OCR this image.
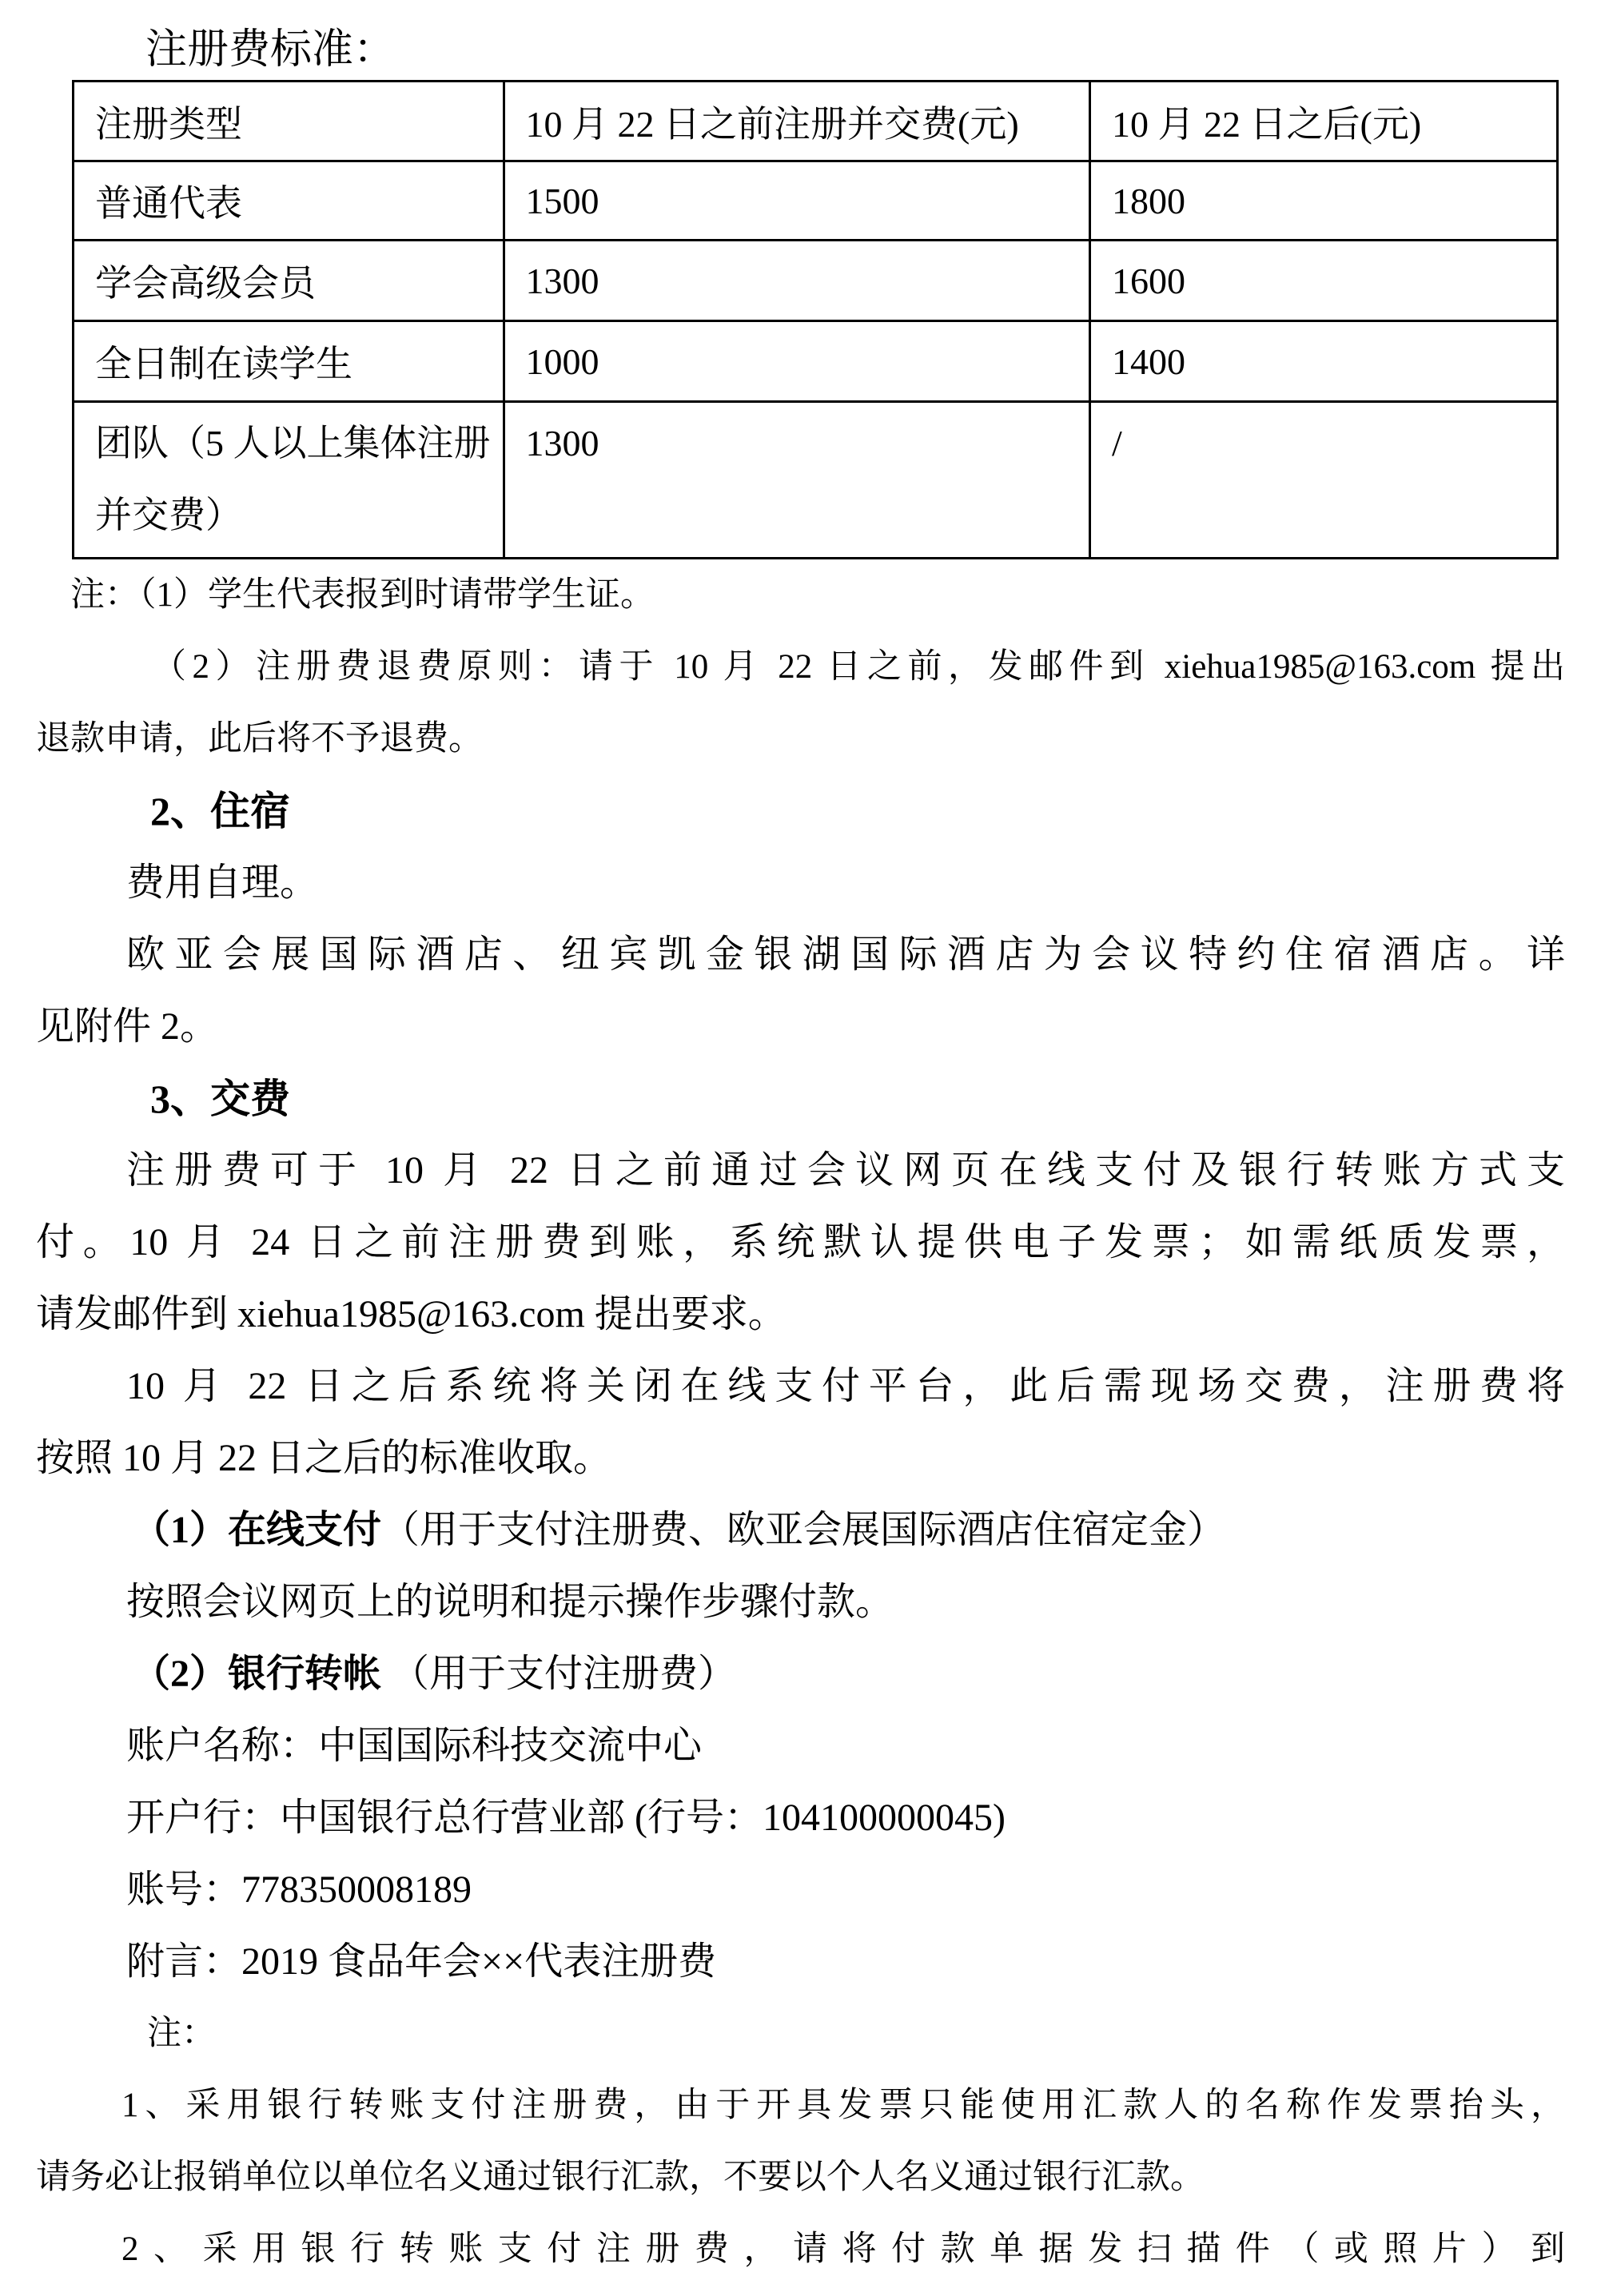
注册费标准：
注册类型	10 月 22 日之前注册并交费(元)	10 月 22 日之后(元)
普通代表	1500	1800
学会高级会员	1300	1600
全日制在读学生	1000	1400
团队（5 人以上集体注册并交费）	1300	/
注：（1）学生代表报到时请带学生证。
（2）注册费退费原则：请于 10 月 22 日之前，发邮件到 xiehua1985@163.com 提出
退款申请，此后将不予退费。
2、住宿
费用自理。
欧亚会展国际酒店、纽宾凯金银湖国际酒店为会议特约住宿酒店。详
见附件 2。
3、交费
注册费可于 10 月 22 日之前通过会议网页在线支付及银行转账方式支
付。10 月 24 日之前注册费到账，系统默认提供电子发票；如需纸质发票，
请发邮件到 xiehua1985@163.com 提出要求。
10 月 22 日之后系统将关闭在线支付平台，此后需现场交费，注册费将
按照 10 月 22 日之后的标准收取。
（1）在线支付（用于支付注册费、欧亚会展国际酒店住宿定金）
按照会议网页上的说明和提示操作步骤付款。
（2）银行转帐 （用于支付注册费）
账户名称：中国国际科技交流中心
开户行：中国银行总行营业部 (行号：104100000045)
账号：778350008189
附言：2019 食品年会××代表注册费
注：
1、采用银行转账支付注册费，由于开具发票只能使用汇款人的名称作发票抬头，
请务必让报销单位以单位名义通过银行汇款，不要以个人名义通过银行汇款。
2、采用银行转账支付注册费，请将付款单据发扫描件（或照片）到
